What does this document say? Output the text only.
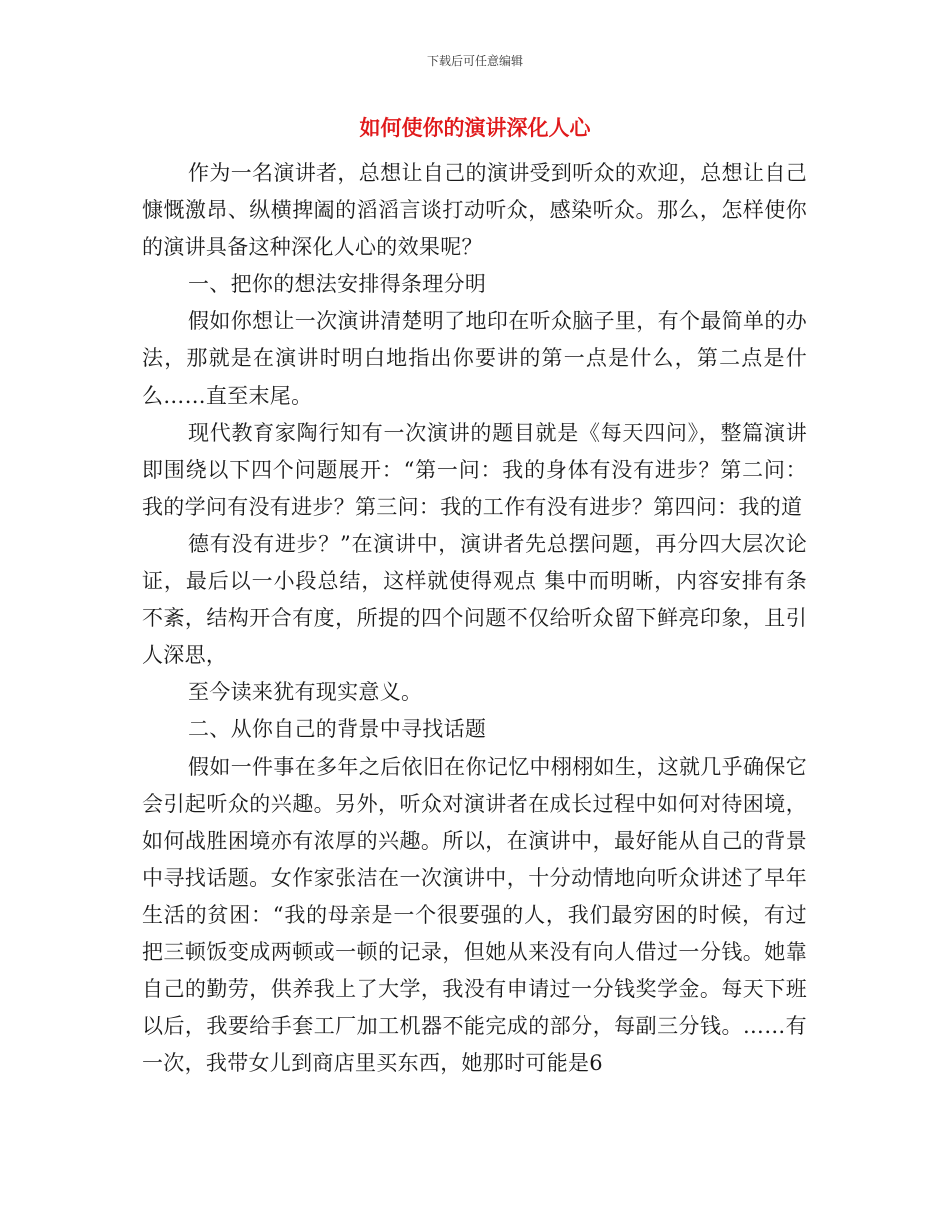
下载后可任意编辑
如何使你的演讲深化人心

作为一名演讲者，总想让自己的演讲受到听众的欢迎，总想让自己慷慨激昂、纵横捭阖的滔滔言谈打动听众，感染听众。那么，怎样使你的演讲具备这种深化人心的效果呢？

一、把你的想法安排得条理分明

假如你想让一次演讲清楚明了地印在听众脑子里，有个最简单的办法，那就是在演讲时明白地指出你要讲的第一点是什么，第二点是什么……直至末尾。

现代教育家陶行知有一次演讲的题目就是《每天四问》，整篇演讲即围绕以下四个问题展开：“第一问：我的身体有没有进步？第二问：我的学问有没有进步？第三问：我的工作有没有进步？第四问：我的道

德有没有进步？”在演讲中，演讲者先总摆问题，再分四大层次论证，最后以一小段总结，这样就使得观点 集中而明晰，内容安排有条不紊，结构开合有度，所提的四个问题不仅给听众留下鲜亮印象，且引人深思，

至今读来犹有现实意义。

二、从你自己的背景中寻找话题

假如一件事在多年之后依旧在你记忆中栩栩如生，这就几乎确保它会引起听众的兴趣。另外，听众对演讲者在成长过程中如何对待困境，如何战胜困境亦有浓厚的兴趣。所以，在演讲中，最好能从自己的背景中寻找话题。女作家张洁在一次演讲中，十分动情地向听众讲述了早年生活的贫困：“我的母亲是一个很要强的人，我们最穷困的时候，有过把三顿饭变成两顿或一顿的记录，但她从来没有向人借过一分钱。她靠自己的勤劳，供养我上了大学，我没有申请过一分钱奖学金。每天下班以后，我要给手套工厂加工机器不能完成的部分，每副三分钱。……有一次，我带女儿到商店里买东西，她那时可能是6
